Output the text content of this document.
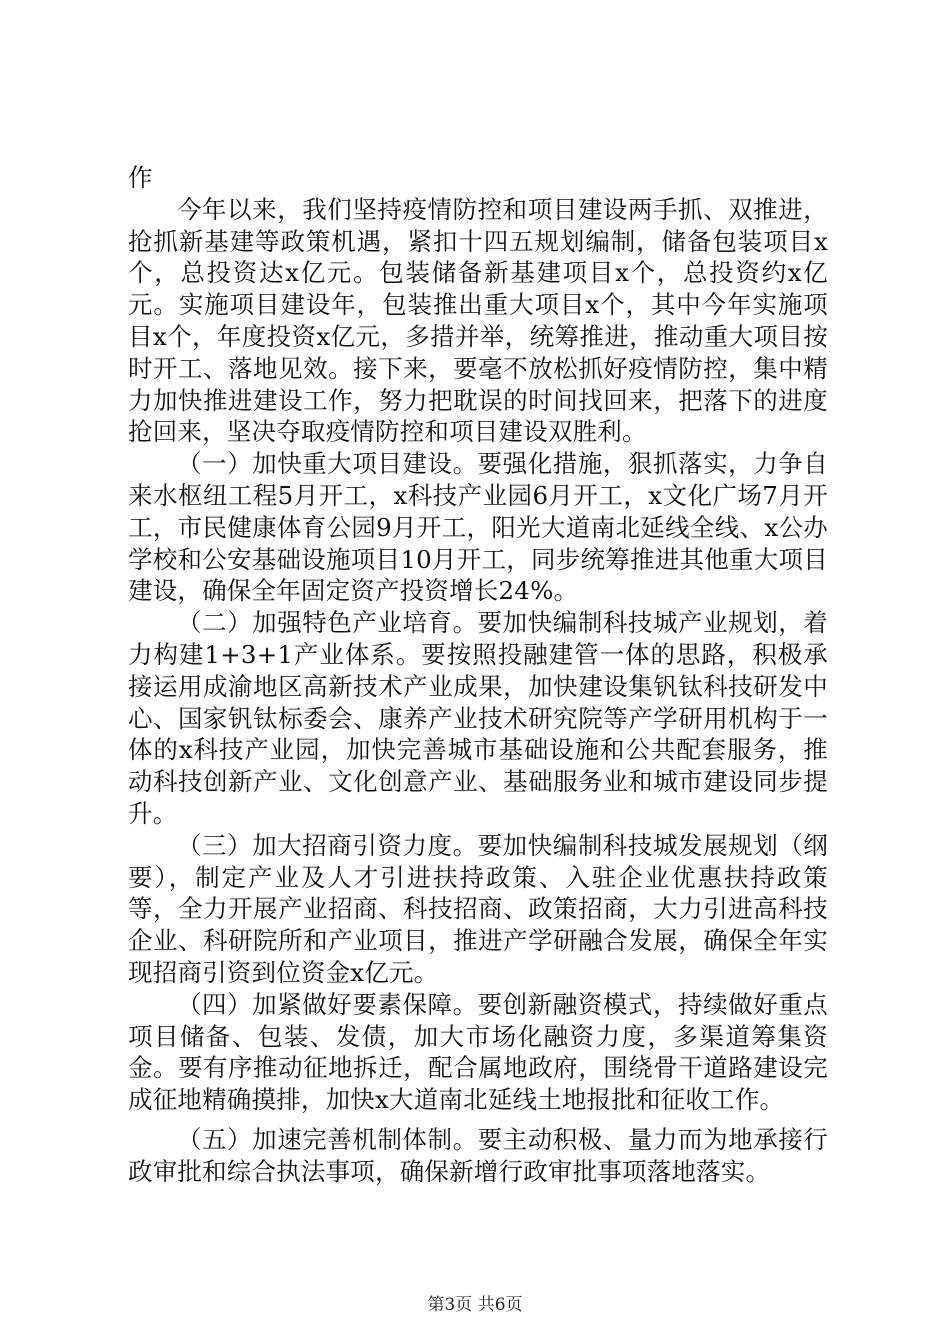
作

今年以来，我们坚持疫情防控和项目建设两手抓、双推进，抢抓新基建等政策机遇，紧扣十四五规划编制，储备包装项目x个，总投资达x亿元。包装储备新基建项目x个，总投资约x亿元。实施项目建设年，包装推出重大项目x个，其中今年实施项目x个，年度投资x亿元，多措并举，统筹推进，推动重大项目按时开工、落地见效。接下来，要毫不放松抓好疫情防控，集中精力加快推进建设工作，努力把耽误的时间找回来，把落下的进度抢回来，坚决夺取疫情防控和项目建设双胜利。

（一）加快重大项目建设。要强化措施，狠抓落实，力争自来水枢纽工程5月开工，x科技产业园6月开工，x文化广场7月开工，市民健康体育公园9月开工，阳光大道南北延线全线、x公办学校和公安基础设施项目10月开工，同步统筹推进其他重大项目建设，确保全年固定资产投资增长24%。

（二）加强特色产业培育。要加快编制科技城产业规划，着力构建1+3+1产业体系。要按照投融建管一体的思路，积极承接运用成渝地区高新技术产业成果，加快建设集钒钛科技研发中心、国家钒钛标委会、康养产业技术研究院等产学研用机构于一体的x科技产业园，加快完善城市基础设施和公共配套服务，推动科技创新产业、文化创意产业、基础服务业和城市建设同步提升。

（三）加大招商引资力度。要加快编制科技城发展规划（纲要），制定产业及人才引进扶持政策、入驻企业优惠扶持政策等，全力开展产业招商、科技招商、政策招商，大力引进高科技企业、科研院所和产业项目，推进产学研融合发展，确保全年实现招商引资到位资金x亿元。

（四）加紧做好要素保障。要创新融资模式，持续做好重点项目储备、包装、发债，加大市场化融资力度，多渠道筹集资金。要有序推动征地拆迁，配合属地政府，围绕骨干道路建设完成征地精确摸排，加快x大道南北延线土地报批和征收工作。

（五）加速完善机制体制。要主动积极、量力而为地承接行政审批和综合执法事项，确保新增行政审批事项落地落实。

第3页 共6页
